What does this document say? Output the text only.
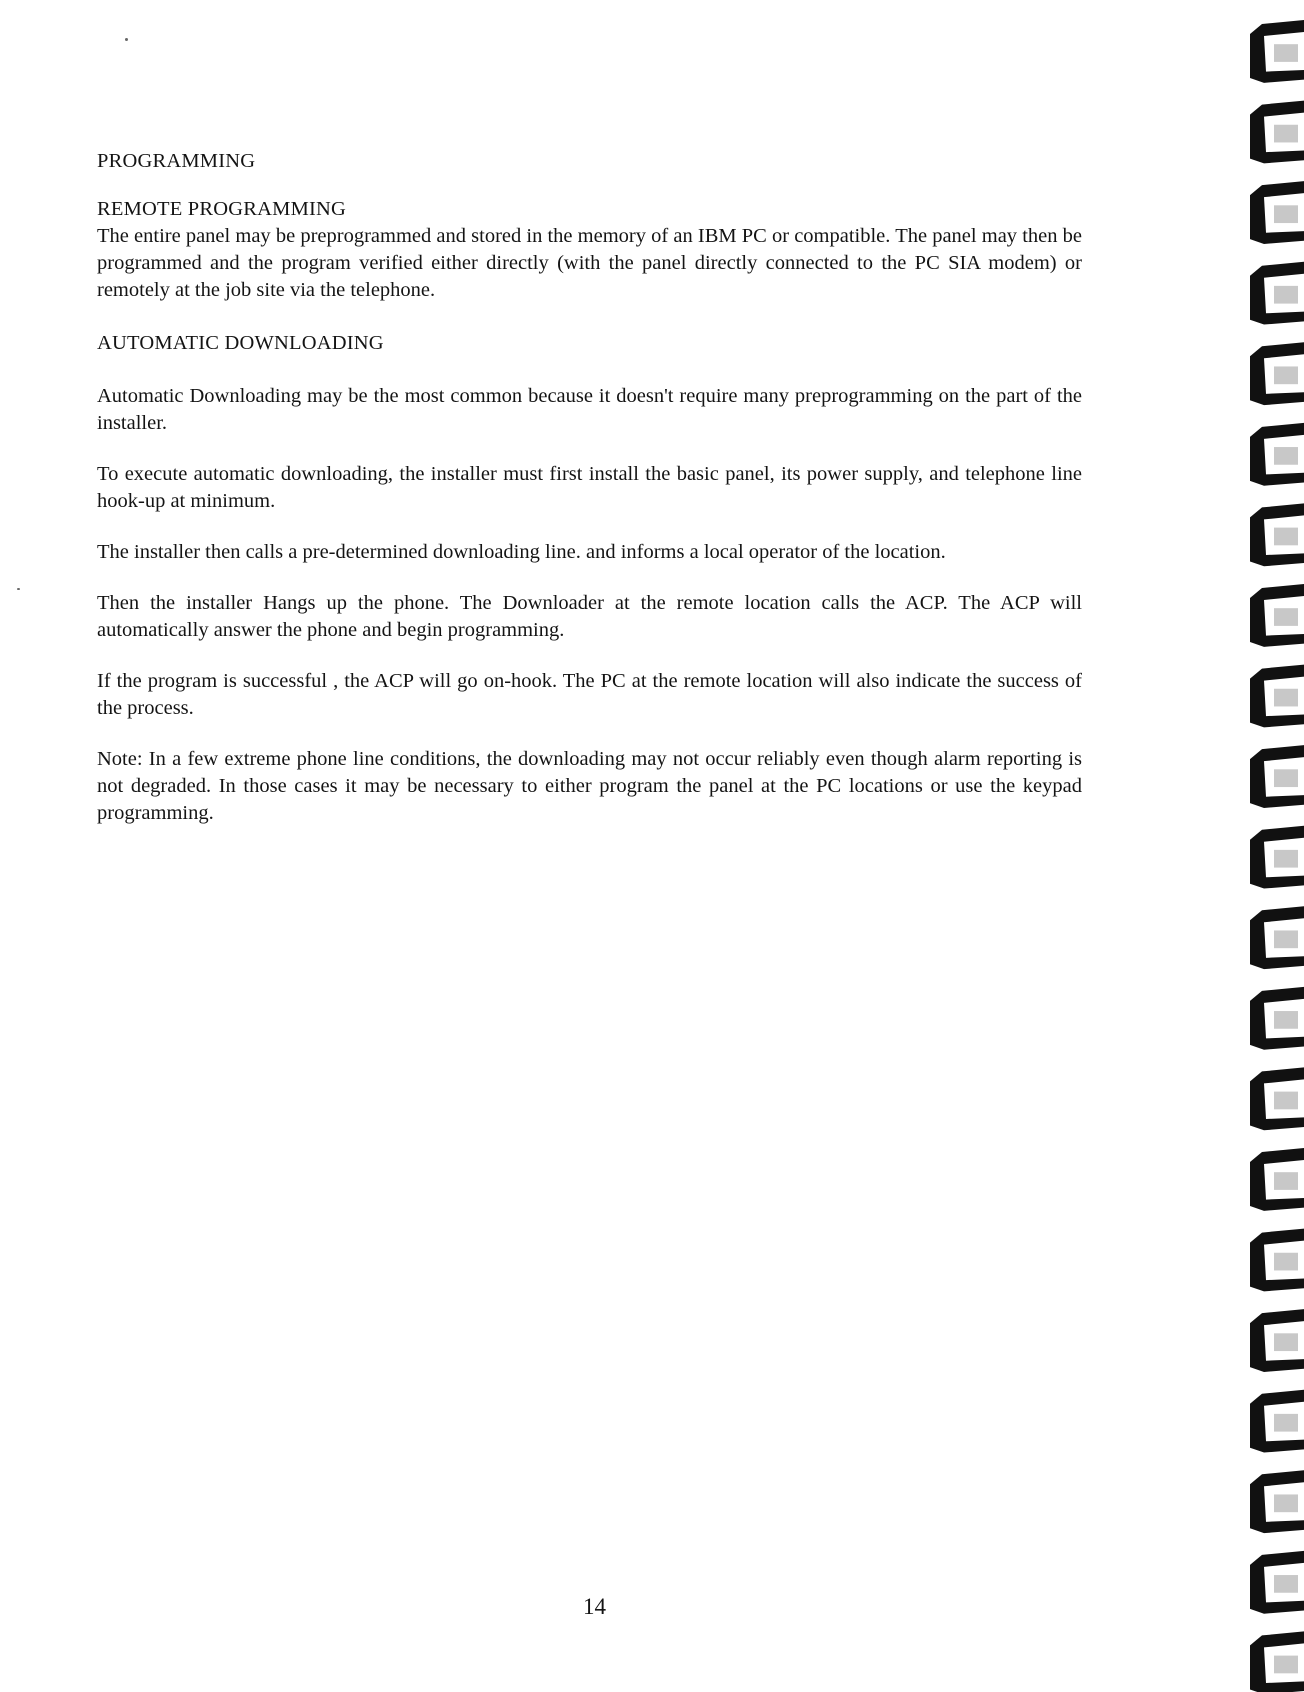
PROGRAMMING
REMOTE PROGRAMMING

The entire panel may be preprogrammed and stored in the memory of an IBM PC or compatible. The panel may then be programmed and the program verified either directly (with the panel directly connected to the PC SIA modem) or remotely at the job site via the telephone.

AUTOMATIC DOWNLOADING

Automatic Downloading may be the most common because it doesn't require many preprogramming on the part of the installer.

To execute automatic downloading, the installer must first install the basic panel, its power supply, and telephone line hook-up at minimum.

The installer then calls a pre-determined downloading line. and informs a local operator of the location.

Then the installer Hangs up the phone. The Downloader at the remote location calls the ACP. The ACP will automatically answer the phone and begin programming.

If the program is successful , the ACP will go on-hook. The PC at the remote location will also indicate the success of the process.

Note: In a few extreme phone line conditions, the downloading may not occur reliably even though alarm reporting is not degraded. In those cases it may be necessary to either program the panel at the PC locations or use the keypad programming.

14
